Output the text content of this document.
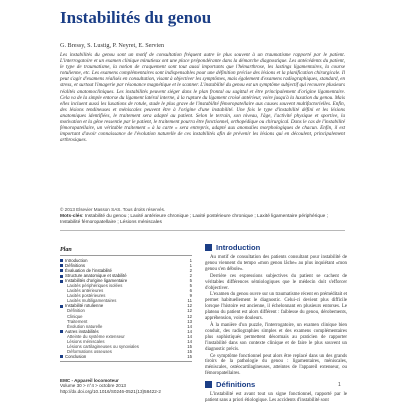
Instabilités du genou
G. Bressy, S. Lustig, P. Neyret, E. Servien
Les instabilités du genou sont un motif de consultation fréquent autre le plus souvent à un traumatisme rapporté par le patient. L'interrogatoire et un examen clinique minutieux ont une place prépondérante dans la démarche diagnostique. Les antécédents du patient, le type de traumatisme, la notion de craquement sont tout aussi importants que l'hémarthrose, les lastings ligamentaires, la course rotulienne, etc. Les examens complémentaires sont indispensables pour une définition précise des lésions et la planification chirurgicale. Il peut s'agir d'examens réalisés en consultation, visant à objectiver les symptômes, mais également d'examens radiographiques, standard, en stress, et surtout l'imagerie par résonance magnétique et le scanner. L'instabilité du genou est un symptôme subjectif qui recouvre plusieurs réalités anatomocliniques. Les instabilités peuvent siéger dans le plan frontal ou sagittal et être principalement d'origine ligamentaire. Cela va de la simple entorse du ligament latéral interne, à la rupture du ligament croisé antérieur, voire jusqu'à la luxation du genou. Mais elles incluent aussi les luxations de rotule, stade le plus grave de l'instabilité fémoropatellaire aux causes souvent multifactorielles. Enfin, des lésions tendineuses et méniscales peuvent être à l'origine d'une instabilité. Une fois le type d'instabilité défini et les lésions anatomiques identifiées, le traitement sera adapté au patient. Selon le terrain, son niveau, l'âge, l'activité physique et sportive, la motivation et la gêne ressentie par le patient, le traitement pourra être fonctionnel, orthopédique ou chirurgical. Dans le cas de l'instabilité fémoropatellaire, un véritable traitement « à la carte » sera entrepris, adapté aux anomalies morphologiques de chacun. Enfin, il est important d'avoir connaissance de l'évolution naturelle de ces instabilités afin de prévenir les lésions qui en découlent, principalement arthrosiques.
© 2013 Elsevier Masson SAS. Tous droits réservés.
Mots-clés: Instabilité du genou ; Laxité antérieure chronique ; Laxité postérieure chronique ; Laxité ligamentaire périphérique ; Instabilité fémoropatellaire ; Lésions méniscales
Plan
Introduction	1
Définitions	1
Évaluation de l'instabilité	2
Structure anatomique et stabilité	2
Instabilités d'origine ligamentaire	5
Laxités périphériques isolées	5
Laxités antérieures	6
Laxités postérieures	9
Laxités multiligamentaires	11
Instabilité rotulienne	12
Définition	12
Clinique	12
Traitement	13
Évolution naturelle	14
Autres instabilités	14
Atteinte du système extenseur	14
Lésions méniscales	14
Lésions cartilagineuses ou synoviales	15
Déformations osseuses	15
Conclusion	15
EMC - Appareil locomoteur
Volume 30 > n°4 > octobre 2013
http://dx.doi.org/10.1016/S0246-0521(13)58422-2
Introduction

Au motif de consultation des patients consultant pour instabilité de genou viennent du tempo «mon genou lâche» au plus inquiétant «mon genou s'en débole».

Derrière ces expressions subjectives du patient se cachent de véritables différences sémiologiques que le médecin doit s'efforcer d'objectiver.

L'examen du genou ouvre sur un traumatisme récent en préméditait et permet habituellement le diagnostic. Celui-ci devient plus difficile lorsque l'histoire est ancienne, il échelonnant en plusieurs entorses. Le plateau du patient est alors différent : faiblesse du genou, dérobements, appréhension, voire douleurs.

À la manière d'un puzzle, l'interrogatoire, un examen clinique bien conduit, des radiographies simples et des examens complémentaires plus sophistiqués permettent désormais au praticien de rapporter l'instabilité dans son contexte clinique et de faire le plus souvent un diagnostic précis.

Ce symptôme fonctionnel peut alors être replacé dans un des grands tiroirs de la pathologie du genou : ligamentaires, méniscales, méniscales, ostéocartilagineuses, atteintes de l'appareil extenseur, ou fémoropatellaires.

Définitions

L'instabilité est avant tout un signe fonctionnel, rapporté par le patient sans a priori étiologique. Les accidents d'instabilité sont

1
